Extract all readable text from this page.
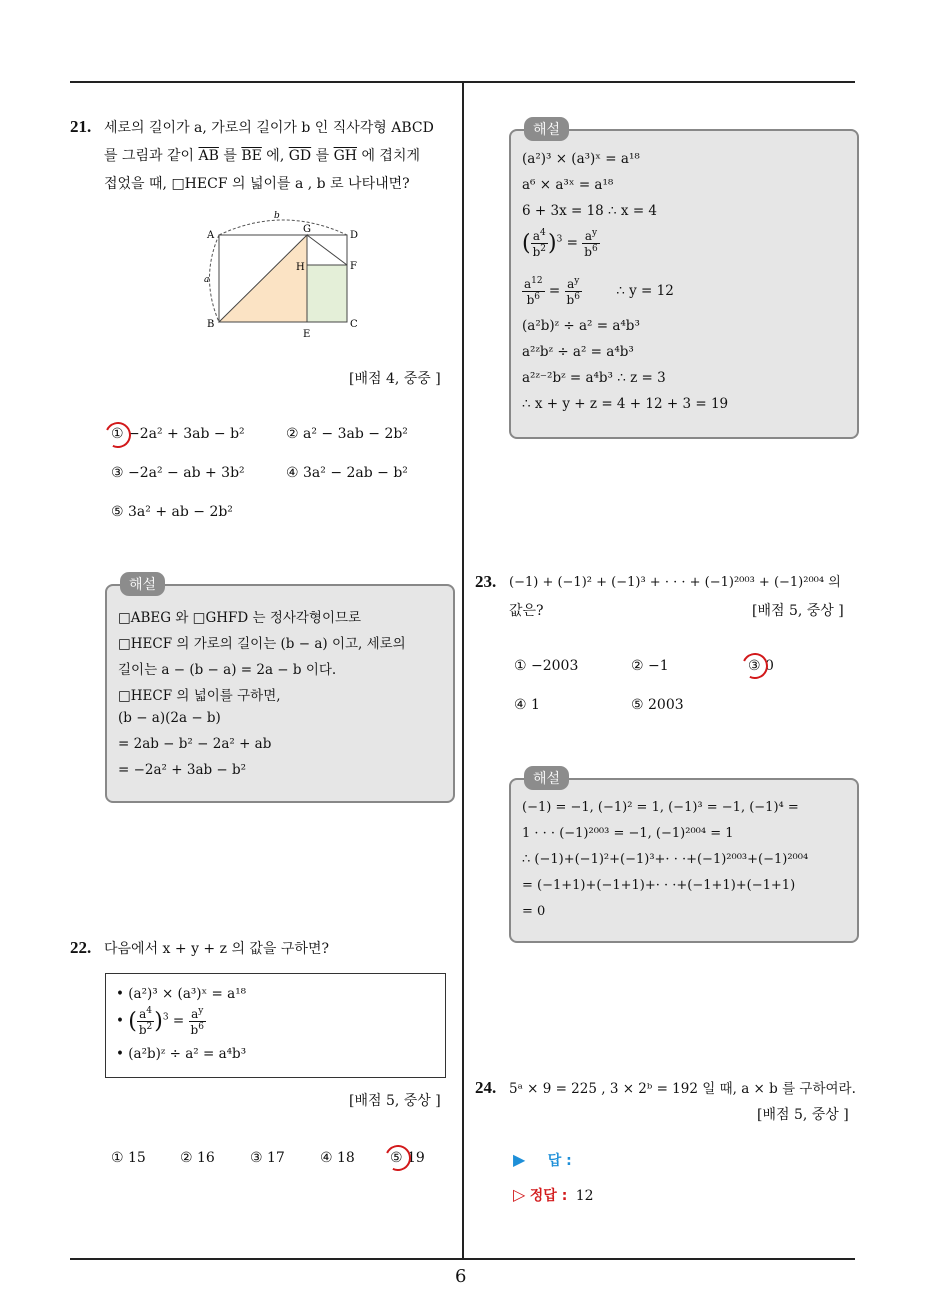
6
21. 세로의 길이가 a, 가로의 길이가 b 인 직사각형 ABCD
를 그림과 같이 $\overline{AB}$ 를 $\overline{BE}$ 에, $\overline{GD}$ 를 $\overline{GH}$ 에 겹치게
접었을 때, □HECF 의 넓이를 a , b 로 나타내면?
A
B	C
D
E
F
G
H
a
b
[배점 4, 중중 ]
① −2a² + 3ab − b²	② a² − 3ab − 2b²
③ −2a² − ab + 3b²	④ 3a² − 2ab − b²
⑤ 3a² + ab − 2b²
해설
□ABEG 와 □GHFD 는 정사각형이므로
□HECF 의 가로의 길이는 (b − a) 이고, 세로의
길이는 a − (b − a) = 2a − b 이다.
□HECF 의 넓이를 구하면,
(b − a)(2a − b)
= 2ab − b² − 2a² + ab
= −2a² + 3ab − b²
22. 다음에서 x + y + z 의 값을 구하면?
• (a²)³ × (a³)ˣ = a¹⁸
• ( $\frac{a^4}{b^2} )^3 = \frac{a^y}{b^6}$
• (a²b)ᶻ ÷ a² = a⁴b³
[배점 5, 중상 ]
① 15 ② 16	③ 17	④ 18	⑤ 19
해설
(a²)³ × (a³)ˣ = a¹⁸
a⁶ × a³ˣ = a¹⁸
6 + 3x = 18 ∴ x = 4
( $\frac{a^4}{b^2} )^3 = \frac{a^y}{b^6}$
$\frac{a^{12}}{b^6} = \frac{a^y}{b^6}$	∴ y = 12
(a²b)ᶻ ÷ a² = a⁴b³
a²ᶻbᶻ ÷ a² = a⁴b³
a²ᶻ⁻²bᶻ = a⁴b³ ∴ z = 3
∴ x + y + z = 4 + 12 + 3 = 19
23. (−1) + (−1)² + (−1)³ + · · · + (−1)²⁰⁰³ + (−1)²⁰⁰⁴ 의
값은?	[배점 5, 중상 ]
① −2003	② −1	③ 0
④ 1	⑤ 2003
해설
(−1) = −1, (−1)² = 1, (−1)³ = −1, (−1)⁴ =
1 · · · (−1)²⁰⁰³ = −1, (−1)²⁰⁰⁴ = 1
∴ (−1)+(−1)²+(−1)³+· · ·+(−1)²⁰⁰³+(−1)²⁰⁰⁴
= (−1+1)+(−1+1)+· · ·+(−1+1)+(−1+1)
= 0
24. 5ᵃ × 9 = 225 , 3 × 2ᵇ = 192 일 때, a × b 를 구하여라.
[배점 5, 중상 ]
▶ 답 :
▷ 정답 : 12
